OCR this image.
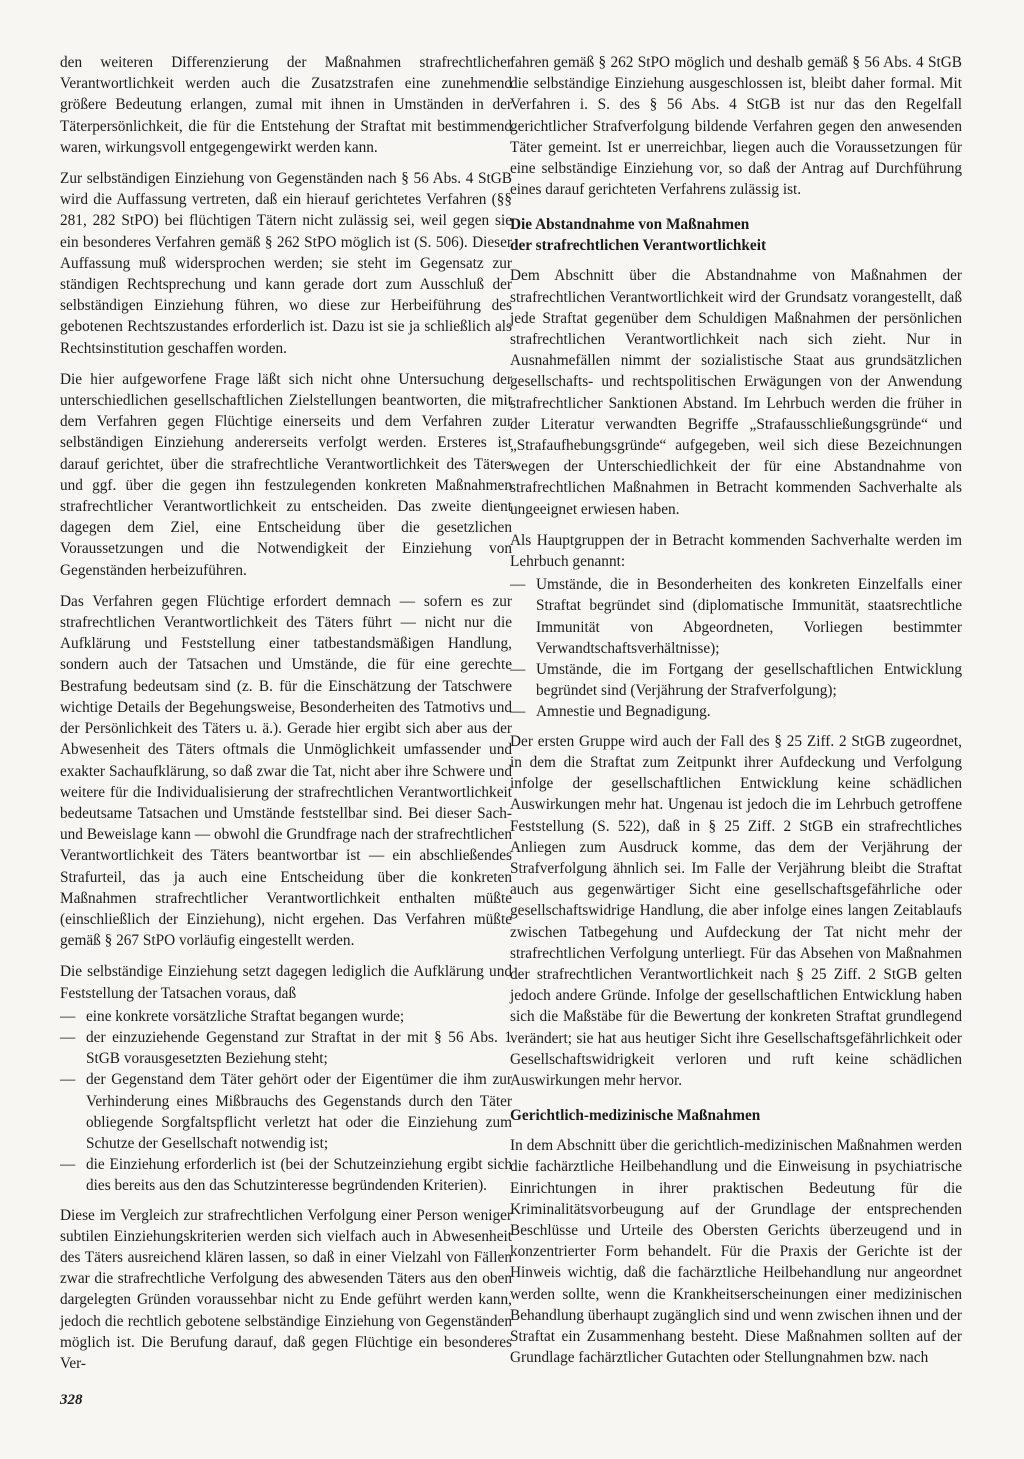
den weiteren Differenzierung der Maßnahmen strafrechtlicher Verantwortlichkeit werden auch die Zusatzstrafen eine zunehmend größere Bedeutung erlangen, zumal mit ihnen in Umständen in der Täterpersönlichkeit, die für die Entstehung der Straftat mit bestimmend waren, wirkungsvoll entgegengewirkt werden kann.

Zur selbständigen Einziehung von Gegenständen nach § 56 Abs. 4 StGB wird die Auffassung vertreten, daß ein hierauf gerichtetes Verfahren (§§ 281, 282 StPO) bei flüchtigen Tätern nicht zulässig sei, weil gegen sie ein besonderes Verfahren gemäß § 262 StPO möglich ist (S. 506). Dieser Auffassung muß widersprochen werden; sie steht im Gegensatz zur ständigen Rechtsprechung und kann gerade dort zum Ausschluß der selbständigen Einziehung führen, wo diese zur Herbeiführung des gebotenen Rechtszustandes erforderlich ist. Dazu ist sie ja schließlich als Rechtsinstitution geschaffen worden.

Die hier aufgeworfene Frage läßt sich nicht ohne Untersuchung der unterschiedlichen gesellschaftlichen Zielstellungen beantworten, die mit dem Verfahren gegen Flüchtige einerseits und dem Verfahren zur selbständigen Einziehung andererseits verfolgt werden. Ersteres ist darauf gerichtet, über die strafrechtliche Verantwortlichkeit des Täters und ggf. über die gegen ihn festzulegenden konkreten Maßnahmen strafrechtlicher Verantwortlichkeit zu entscheiden. Das zweite dient dagegen dem Ziel, eine Entscheidung über die gesetzlichen Voraussetzungen und die Notwendigkeit der Einziehung von Gegenständen herbeizuführen.

Das Verfahren gegen Flüchtige erfordert demnach — sofern es zur strafrechtlichen Verantwortlichkeit des Täters führt — nicht nur die Aufklärung und Feststellung einer tatbestandsmäßigen Handlung, sondern auch der Tatsachen und Umstände, die für eine gerechte Bestrafung bedeutsam sind (z. B. für die Einschätzung der Tatschwere wichtige Details der Begehungsweise, Besonderheiten des Tatmotivs und der Persönlichkeit des Täters u. ä.). Gerade hier ergibt sich aber aus der Abwesenheit des Täters oftmals die Unmöglichkeit umfassender und exakter Sachaufklärung, so daß zwar die Tat, nicht aber ihre Schwere und weitere für die Individualisierung der strafrechtlichen Verantwortlichkeit bedeutsame Tatsachen und Umstände feststellbar sind. Bei dieser Sach- und Beweislage kann — obwohl die Grundfrage nach der strafrechtlichen Verantwortlichkeit des Täters beantwortbar ist — ein abschließendes Strafurteil, das ja auch eine Entscheidung über die konkreten Maßnahmen strafrechtlicher Verantwortlichkeit enthalten müßte (einschließlich der Einziehung), nicht ergehen. Das Verfahren müßte gemäß § 267 StPO vorläufig eingestellt werden.

Die selbständige Einziehung setzt dagegen lediglich die Aufklärung und Feststellung der Tatsachen voraus, daß

— eine konkrete vorsätzliche Straftat begangen wurde;
— der einzuziehende Gegenstand zur Straftat in der mit § 56 Abs. 1 StGB vorausgesetzten Beziehung steht;
— der Gegenstand dem Täter gehört oder der Eigentümer die ihm zur Verhinderung eines Mißbrauchs des Gegenstands durch den Täter obliegende Sorgfaltspflicht verletzt hat oder die Einziehung zum Schutze der Gesellschaft notwendig ist;
— die Einziehung erforderlich ist (bei der Schutzeinziehung ergibt sich dies bereits aus den das Schutzinteresse begründenden Kriterien).

Diese im Vergleich zur strafrechtlichen Verfolgung einer Person weniger subtilen Einziehungskriterien werden sich vielfach auch in Abwesenheit des Täters ausreichend klären lassen, so daß in einer Vielzahl von Fällen zwar die strafrechtliche Verfolgung des abwesenden Täters aus den oben dargelegten Gründen voraussehbar nicht zu Ende geführt werden kann, jedoch die rechtlich gebotene selbständige Einziehung von Gegenständen möglich ist. Die Berufung darauf, daß gegen Flüchtige ein besonderes Ver-

fahren gemäß § 262 StPO möglich und deshalb gemäß § 56 Abs. 4 StGB die selbständige Einziehung ausgeschlossen ist, bleibt daher formal. Mit Verfahren i. S. des § 56 Abs. 4 StGB ist nur das den Regelfall gerichtlicher Strafverfolgung bildende Verfahren gegen den anwesenden Täter gemeint. Ist er unerreichbar, liegen auch die Voraussetzungen für eine selbständige Einziehung vor, so daß der Antrag auf Durchführung eines darauf gerichteten Verfahrens zulässig ist.

Die Abstandnahme von Maßnahmen
der strafrechtlichen Verantwortlichkeit

Dem Abschnitt über die Abstandnahme von Maßnahmen der strafrechtlichen Verantwortlichkeit wird der Grundsatz vorangestellt, daß jede Straftat gegenüber dem Schuldigen Maßnahmen der persönlichen strafrechtlichen Verantwortlichkeit nach sich zieht. Nur in Ausnahmefällen nimmt der sozialistische Staat aus grundsätzlichen gesellschafts- und rechtspolitischen Erwägungen von der Anwendung strafrechtlicher Sanktionen Abstand. Im Lehrbuch werden die früher in der Literatur verwandten Begriffe „Strafausschließungsgründe“ und „Strafaufhebungsgründe“ aufgegeben, weil sich diese Bezeichnungen wegen der Unterschiedlichkeit der für eine Abstandnahme von strafrechtlichen Maßnahmen in Betracht kommenden Sachverhalte als ungeeignet erwiesen haben.

Als Hauptgruppen der in Betracht kommenden Sachverhalte werden im Lehrbuch genannt:

— Umstände, die in Besonderheiten des konkreten Einzelfalls einer Straftat begründet sind (diplomatische Immunität, staatsrechtliche Immunität von Abgeordneten, Vorliegen bestimmter Verwandtschaftsverhältnisse);
— Umstände, die im Fortgang der gesellschaftlichen Entwicklung begründet sind (Verjährung der Strafverfolgung);
— Amnestie und Begnadigung.

Der ersten Gruppe wird auch der Fall des § 25 Ziff. 2 StGB zugeordnet, in dem die Straftat zum Zeitpunkt ihrer Aufdeckung und Verfolgung infolge der gesellschaftlichen Entwicklung keine schädlichen Auswirkungen mehr hat. Ungenau ist jedoch die im Lehrbuch getroffene Feststellung (S. 522), daß in § 25 Ziff. 2 StGB ein strafrechtliches Anliegen zum Ausdruck komme, das dem der Verjährung der Strafverfolgung ähnlich sei. Im Falle der Verjährung bleibt die Straftat auch aus gegenwärtiger Sicht eine gesellschaftsgefährliche oder gesellschaftswidrige Handlung, die aber infolge eines langen Zeitablaufs zwischen Tatbegehung und Aufdeckung der Tat nicht mehr der strafrechtlichen Verfolgung unterliegt. Für das Absehen von Maßnahmen der strafrechtlichen Verantwortlichkeit nach § 25 Ziff. 2 StGB gelten jedoch andere Gründe. Infolge der gesellschaftlichen Entwicklung haben sich die Maßstäbe für die Bewertung der konkreten Straftat grundlegend verändert; sie hat aus heutiger Sicht ihre Gesellschaftsgefährlichkeit oder Gesellschaftswidrigkeit verloren und ruft keine schädlichen Auswirkungen mehr hervor.

Gerichtlich-medizinische Maßnahmen

In dem Abschnitt über die gerichtlich-medizinischen Maßnahmen werden die fachärztliche Heilbehandlung und die Einweisung in psychiatrische Einrichtungen in ihrer praktischen Bedeutung für die Kriminalitätsvorbeugung auf der Grundlage der entsprechenden Beschlüsse und Urteile des Obersten Gerichts überzeugend und in konzentrierter Form behandelt. Für die Praxis der Gerichte ist der Hinweis wichtig, daß die fachärztliche Heilbehandlung nur angeordnet werden sollte, wenn die Krankheitserscheinungen einer medizinischen Behandlung überhaupt zugänglich sind und wenn zwischen ihnen und der Straftat ein Zusammenhang besteht. Diese Maßnahmen sollten auf der Grundlage fachärztlicher Gutachten oder Stellungnahmen bzw. nach

328
